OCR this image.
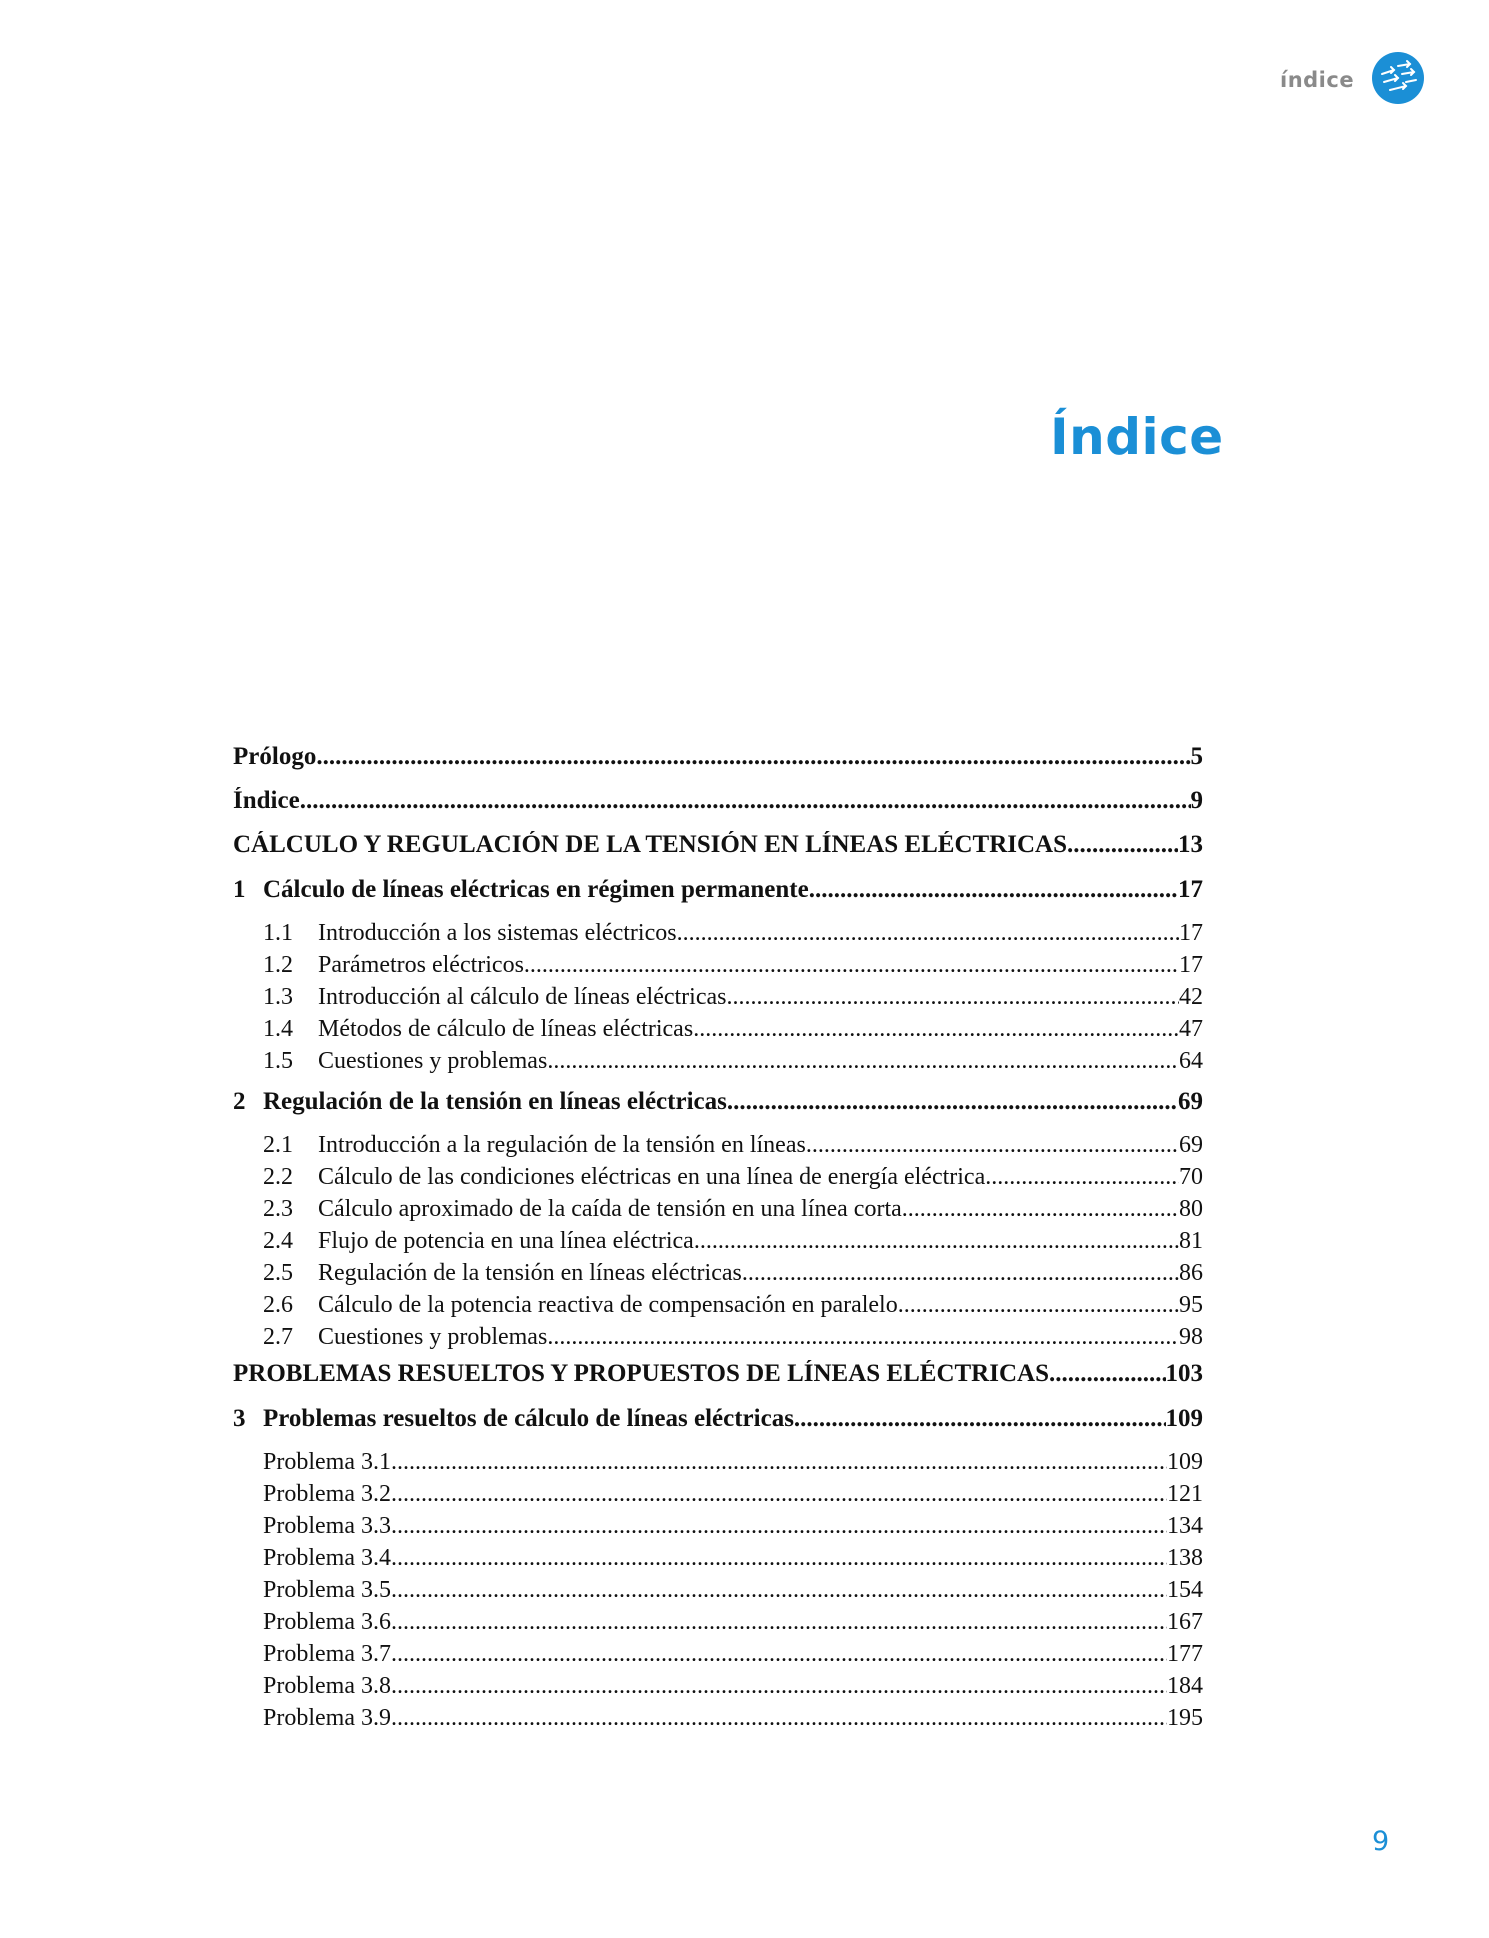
índice
Índice
Prólogo .....	5
Índice .....	9
CÁLCULO Y REGULACIÓN DE LA TENSIÓN EN LÍNEAS ELÉCTRICAS .....	13
1 Cálculo de líneas eléctricas en régimen permanente .....	17
1.1	Introducción a los sistemas eléctricos .....	17
1.2	Parámetros eléctricos .....	17
1.3	Introducción al cálculo de líneas eléctricas .....	42
1.4	Métodos de cálculo de líneas eléctricas .....	47
1.5	Cuestiones y problemas .....	64
2 Regulación de la tensión en líneas eléctricas .....	69
2.1	Introducción a la regulación de la tensión en líneas .....	69
2.2	Cálculo de las condiciones eléctricas en una línea de energía eléctrica .....	70
2.3	Cálculo aproximado de la caída de tensión en una línea corta .....	80
2.4	Flujo de potencia en una línea eléctrica .....	81
2.5	Regulación de la tensión en líneas eléctricas .....	86
2.6	Cálculo de la potencia reactiva de compensación en paralelo .....	95
2.7	Cuestiones y problemas .....	98
PROBLEMAS RESUELTOS Y PROPUESTOS DE LÍNEAS ELÉCTRICAS .....	103
3 Problemas resueltos de cálculo de líneas eléctricas .....	109
Problema 3.1 .....	109
Problema 3.2 .....	121
Problema 3.3 .....	134
Problema 3.4 .....	138
Problema 3.5 .....	154
Problema 3.6 .....	167
Problema 3.7 .....	177
Problema 3.8 .....	184
Problema 3.9 .....	195
9
